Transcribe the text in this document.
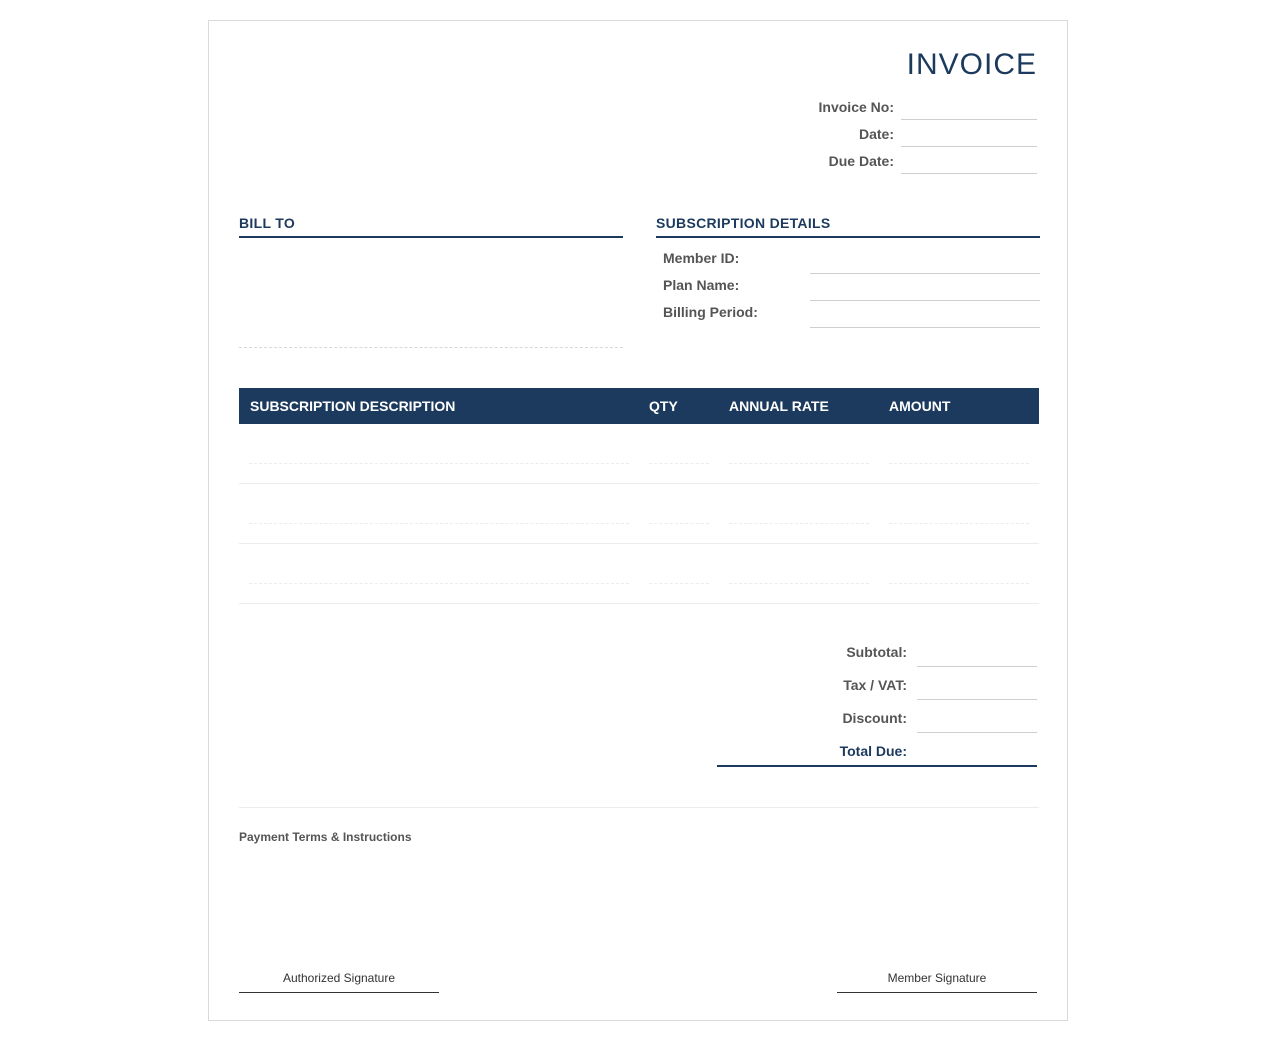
INVOICE
Invoice No:
Date:
Due Date:
BILL TO	SUBSCRIPTION DETAILS
Member ID:
Plan Name:
Billing Period:
SUBSCRIPTION DESCRIPTION	QTY	ANNUAL RATE	AMOUNT
Subtotal:
Tax / VAT:
Discount:
Total Due:
Payment Terms & Instructions
Authorized Signature	Member Signature
